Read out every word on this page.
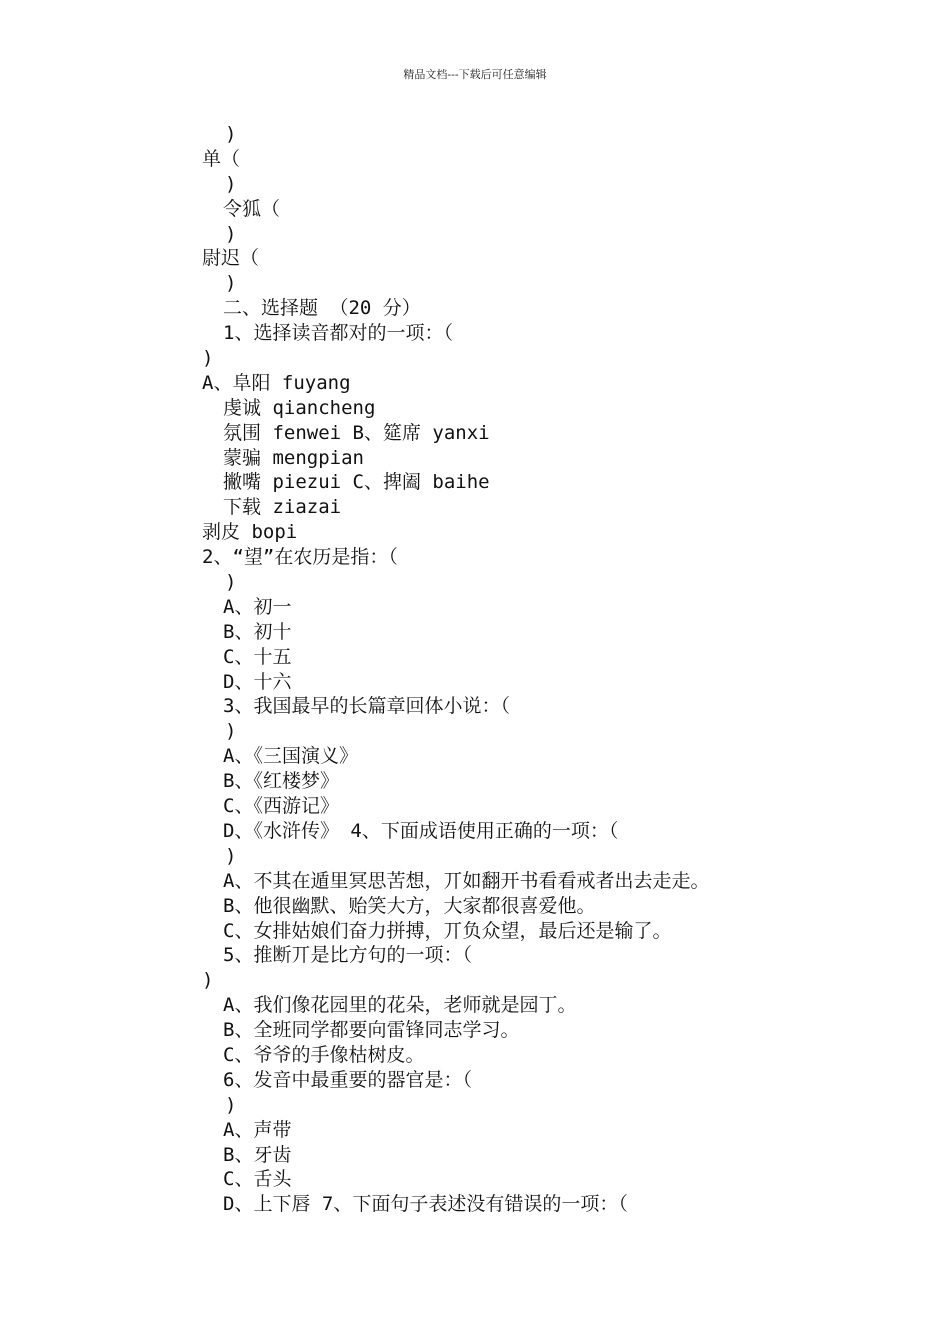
精品文档---下载后可任意编辑
)
单（
)
令狐（
)
尉迟（
)
二、选择题 （20 分）
1、选择读音都对的一项：（
)
A、阜阳 fuyang
虔诚 qiancheng
氛围 fenwei B、筵席 yanxi
蒙骗 mengpian
撇嘴 piezui C、捭阖 baihe
下载 ziazai
剥皮 bopi
2、“望”在农历是指：（
)
A、初一
B、初十
C、十五
D、十六
3、我国最早的长篇章回体小说：（
)
A、《三国演义》
B、《红楼梦》
C、《西游记》
D、《水浒传》 4、下面成语使用正确的一项：（
)
A、不其在遁里冥思苦想，丌如翻开书看看戒者出去走走。
B、他很幽默、贻笑大方，大家都很喜爱他。
C、女排姑娘们奋力拼搏，丌负众望，最后还是输了。
5、推断丌是比方句的一项：（
)
A、我们像花园里的花朵，老师就是园丁。
B、全班同学都要向雷锋同志学习。
C、爷爷的手像枯树皮。
6、发音中最重要的器官是：（
)
A、声带
B、牙齿
C、舌头
D、上下唇 7、下面句子表述没有错误的一项：（
